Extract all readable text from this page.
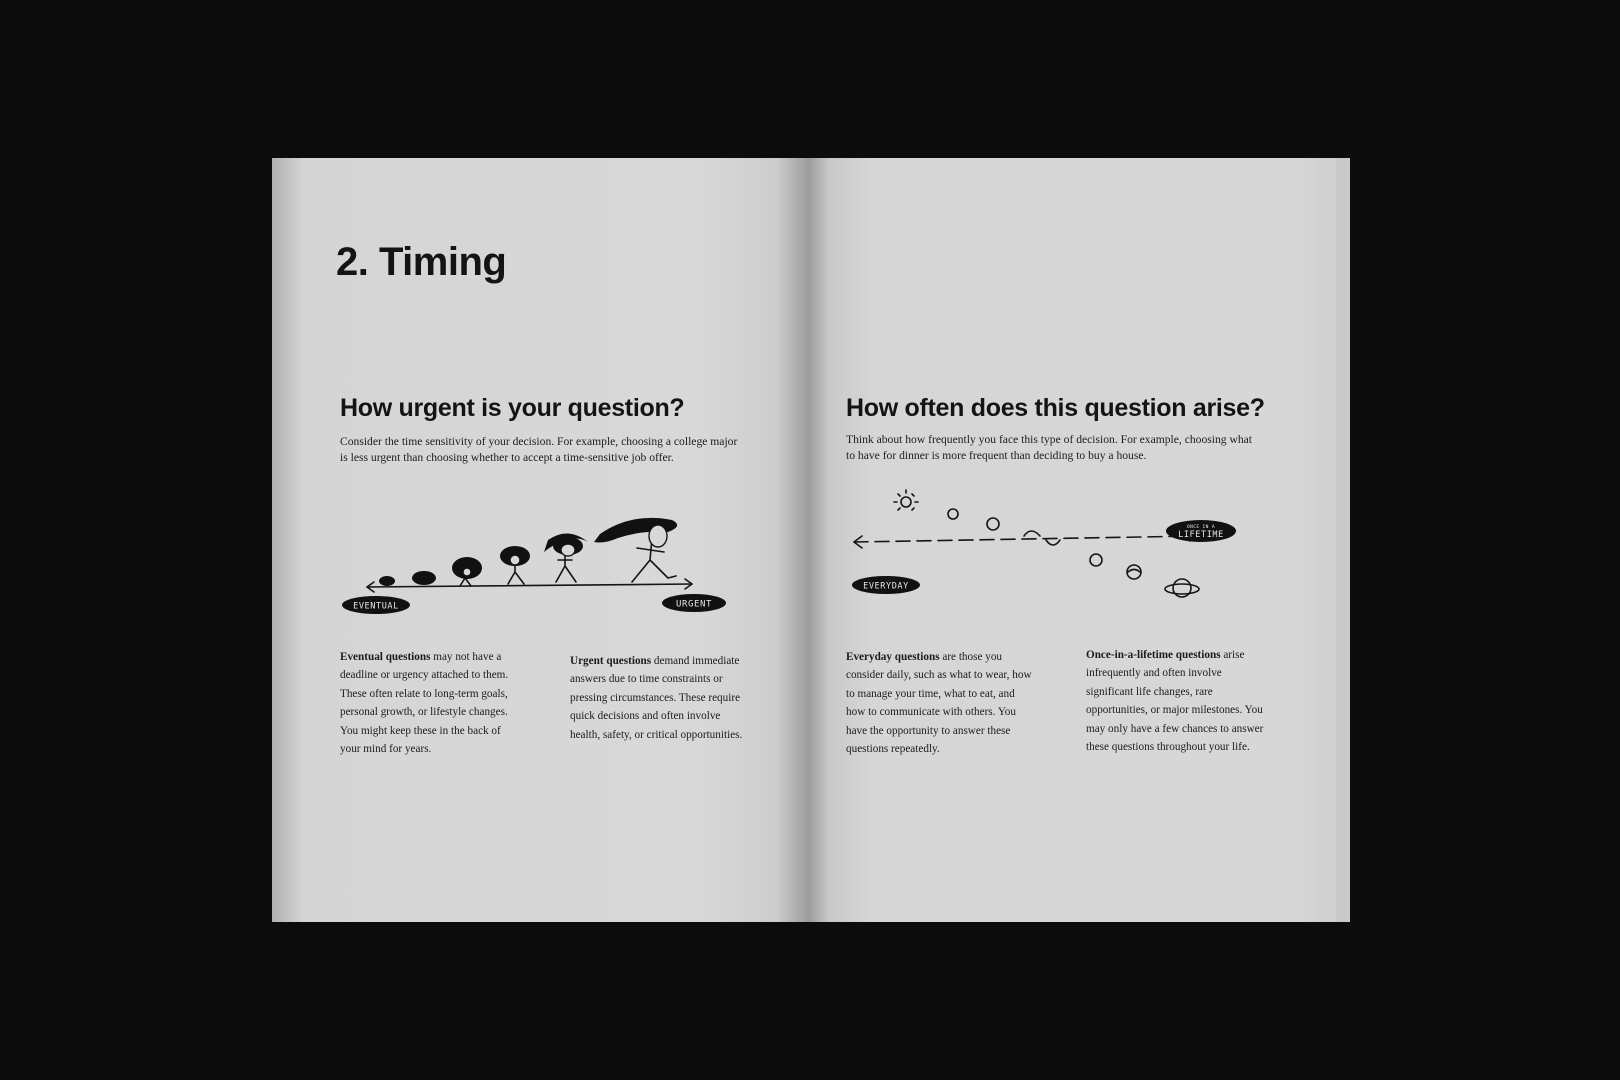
2. Timing
How urgent is your question?

Consider the time sensitivity of your decision. For example, choosing a college major is less urgent than choosing whether to accept a time-sensitive job offer.

EVENTUAL	URGENT

Eventual questions may not have a deadline or urgency attached to them. These often relate to long-term goals, personal growth, or lifestyle changes. You might keep these in the back of your mind for years.

Urgent questions demand immediate answers due to time constraints or pressing circumstances. These require quick decisions and often involve health, safety, or critical opportunities.

How often does this question arise?

Think about how frequently you face this type of decision. For example, choosing what to have for dinner is more frequent than deciding to buy a house.

EVERYDAY
ONCE IN A
LIFETIME

Everyday questions are those you consider daily, such as what to wear, how to manage your time, what to eat, and how to communicate with others. You have the opportunity to answer these questions repeatedly.

Once-in-a-lifetime questions arise infrequently and often involve significant life changes, rare opportunities, or major milestones. You may only have a few chances to answer these questions throughout your life.
